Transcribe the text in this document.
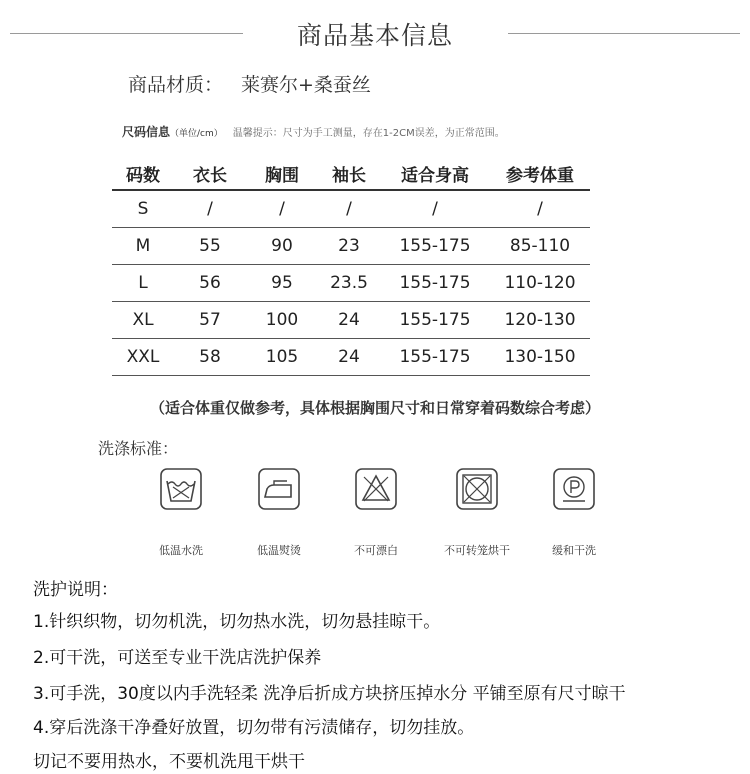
商品基本信息
商品材质： 莱赛尔+桑蚕丝
尺码信息（单位/cm） 温馨提示：尺寸为手工测量，存在1-2CM误差，为正常范围。
码数	衣长	胸围	袖长	适合身高	参考体重
S	/	/	/	/	/
M	55	90	23	155-175	85-110
L	56	95	23.5	155-175	110-120
XL	57	100	24	155-175	120-130
XXL	58	105	24	155-175	130-150
（适合体重仅做参考，具体根据胸围尺寸和日常穿着码数综合考虑）
洗涤标准：
低温水洗	低温熨烫	不可漂白	不可转笼烘干	缓和干洗
洗护说明：
1.针织织物，切勿机洗，切勿热水洗，切勿悬挂晾干。
2.可干洗，可送至专业干洗店洗护保养
3.可手洗，30度以内手洗轻柔 洗净后折成方块挤压掉水分 平铺至原有尺寸晾干
4.穿后洗涤干净叠好放置，切勿带有污渍储存，切勿挂放。
切记不要用热水，不要机洗甩干烘干
